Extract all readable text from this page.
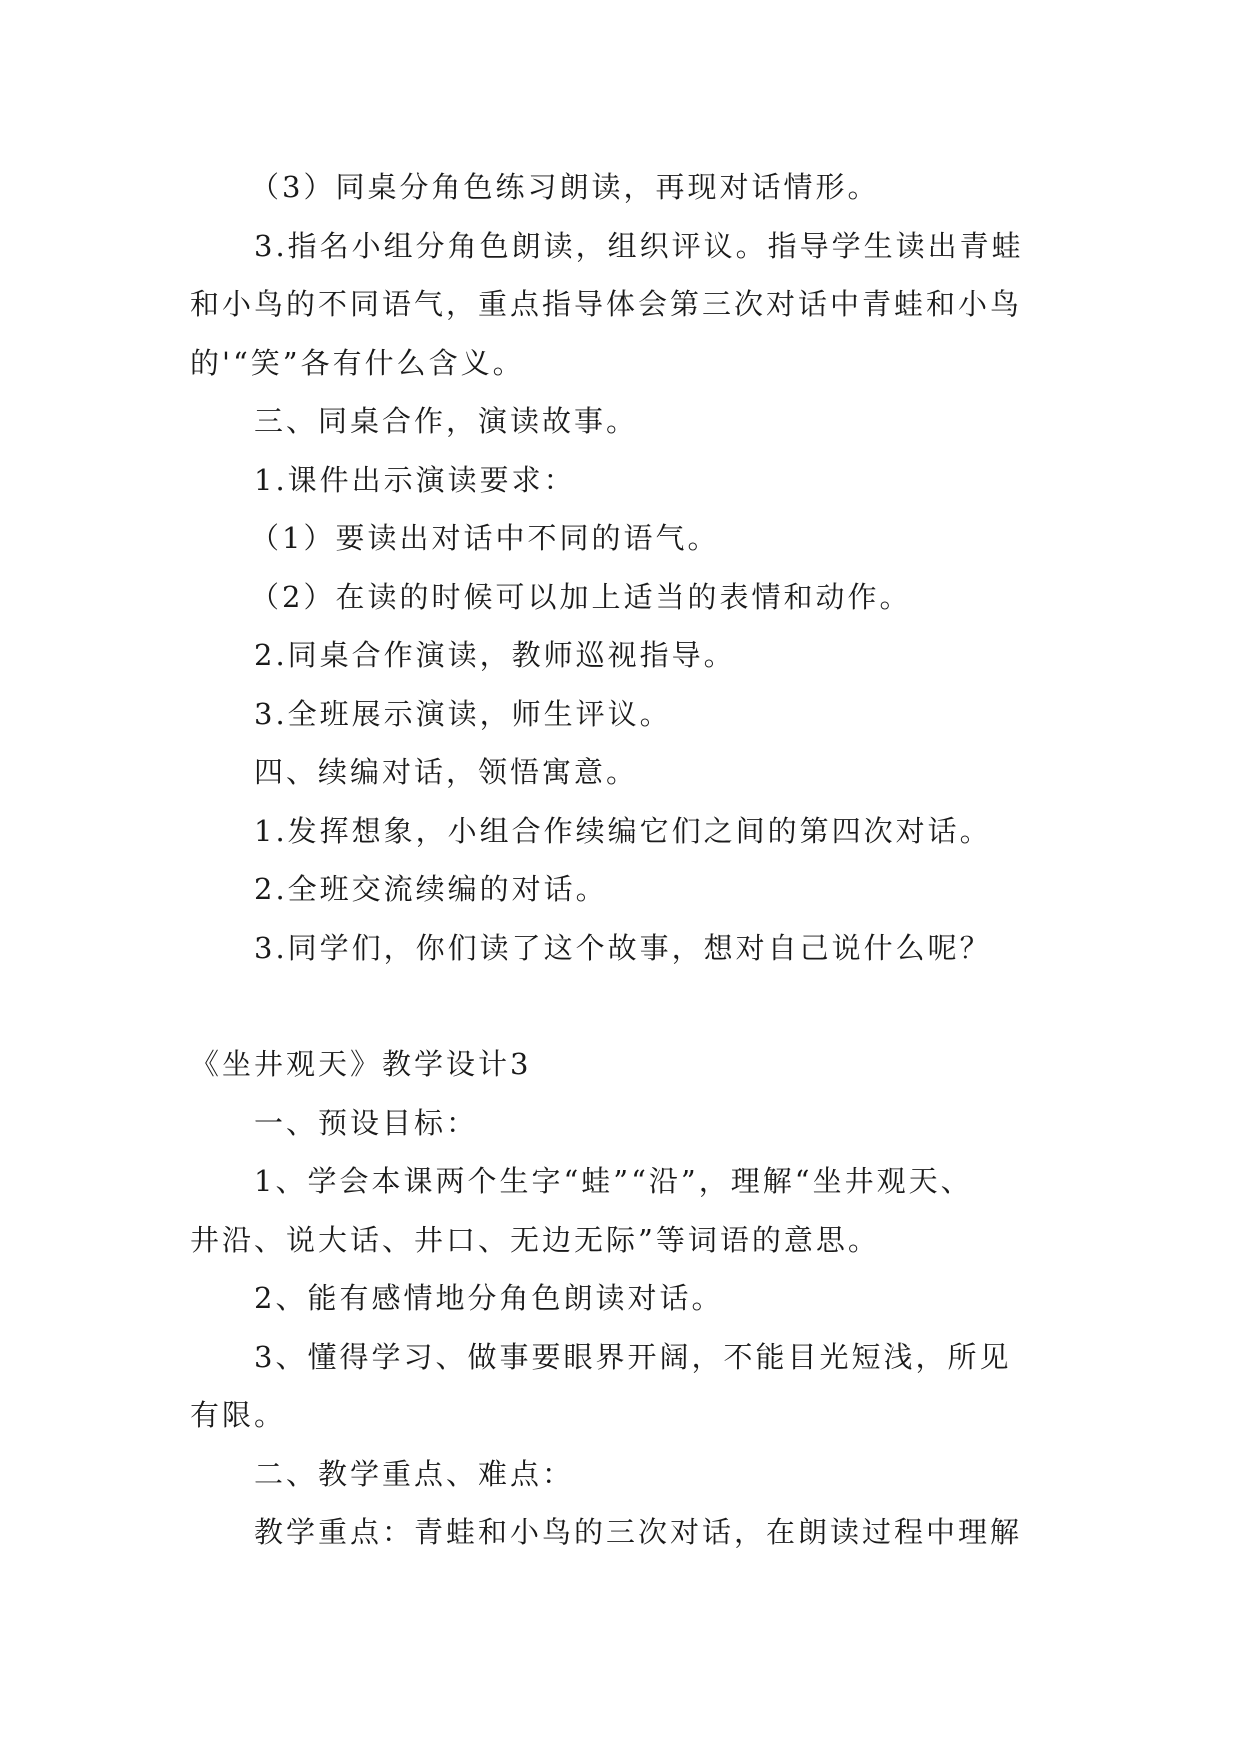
（3）同桌分角色练习朗读，再现对话情形。

3.指名小组分角色朗读，组织评议。指导学生读出青蛙

和小鸟的不同语气，重点指导体会第三次对话中青蛙和小鸟

的'“笑”各有什么含义。

三、同桌合作，演读故事。

1.课件出示演读要求：

（1）要读出对话中不同的语气。

（2）在读的时候可以加上适当的表情和动作。

2.同桌合作演读，教师巡视指导。

3.全班展示演读，师生评议。

四、续编对话，领悟寓意。

1.发挥想象，小组合作续编它们之间的第四次对话。

2.全班交流续编的对话。

3.同学们，你们读了这个故事，想对自己说什么呢？

《坐井观天》教学设计3

一、预设目标：

1、学会本课两个生字“蛙”“沿”，理解“坐井观天、

井沿、说大话、井口、无边无际”等词语的意思。

2、能有感情地分角色朗读对话。

3、懂得学习、做事要眼界开阔，不能目光短浅，所见

有限。

二、教学重点、难点：

教学重点：青蛙和小鸟的三次对话，在朗读过程中理解
